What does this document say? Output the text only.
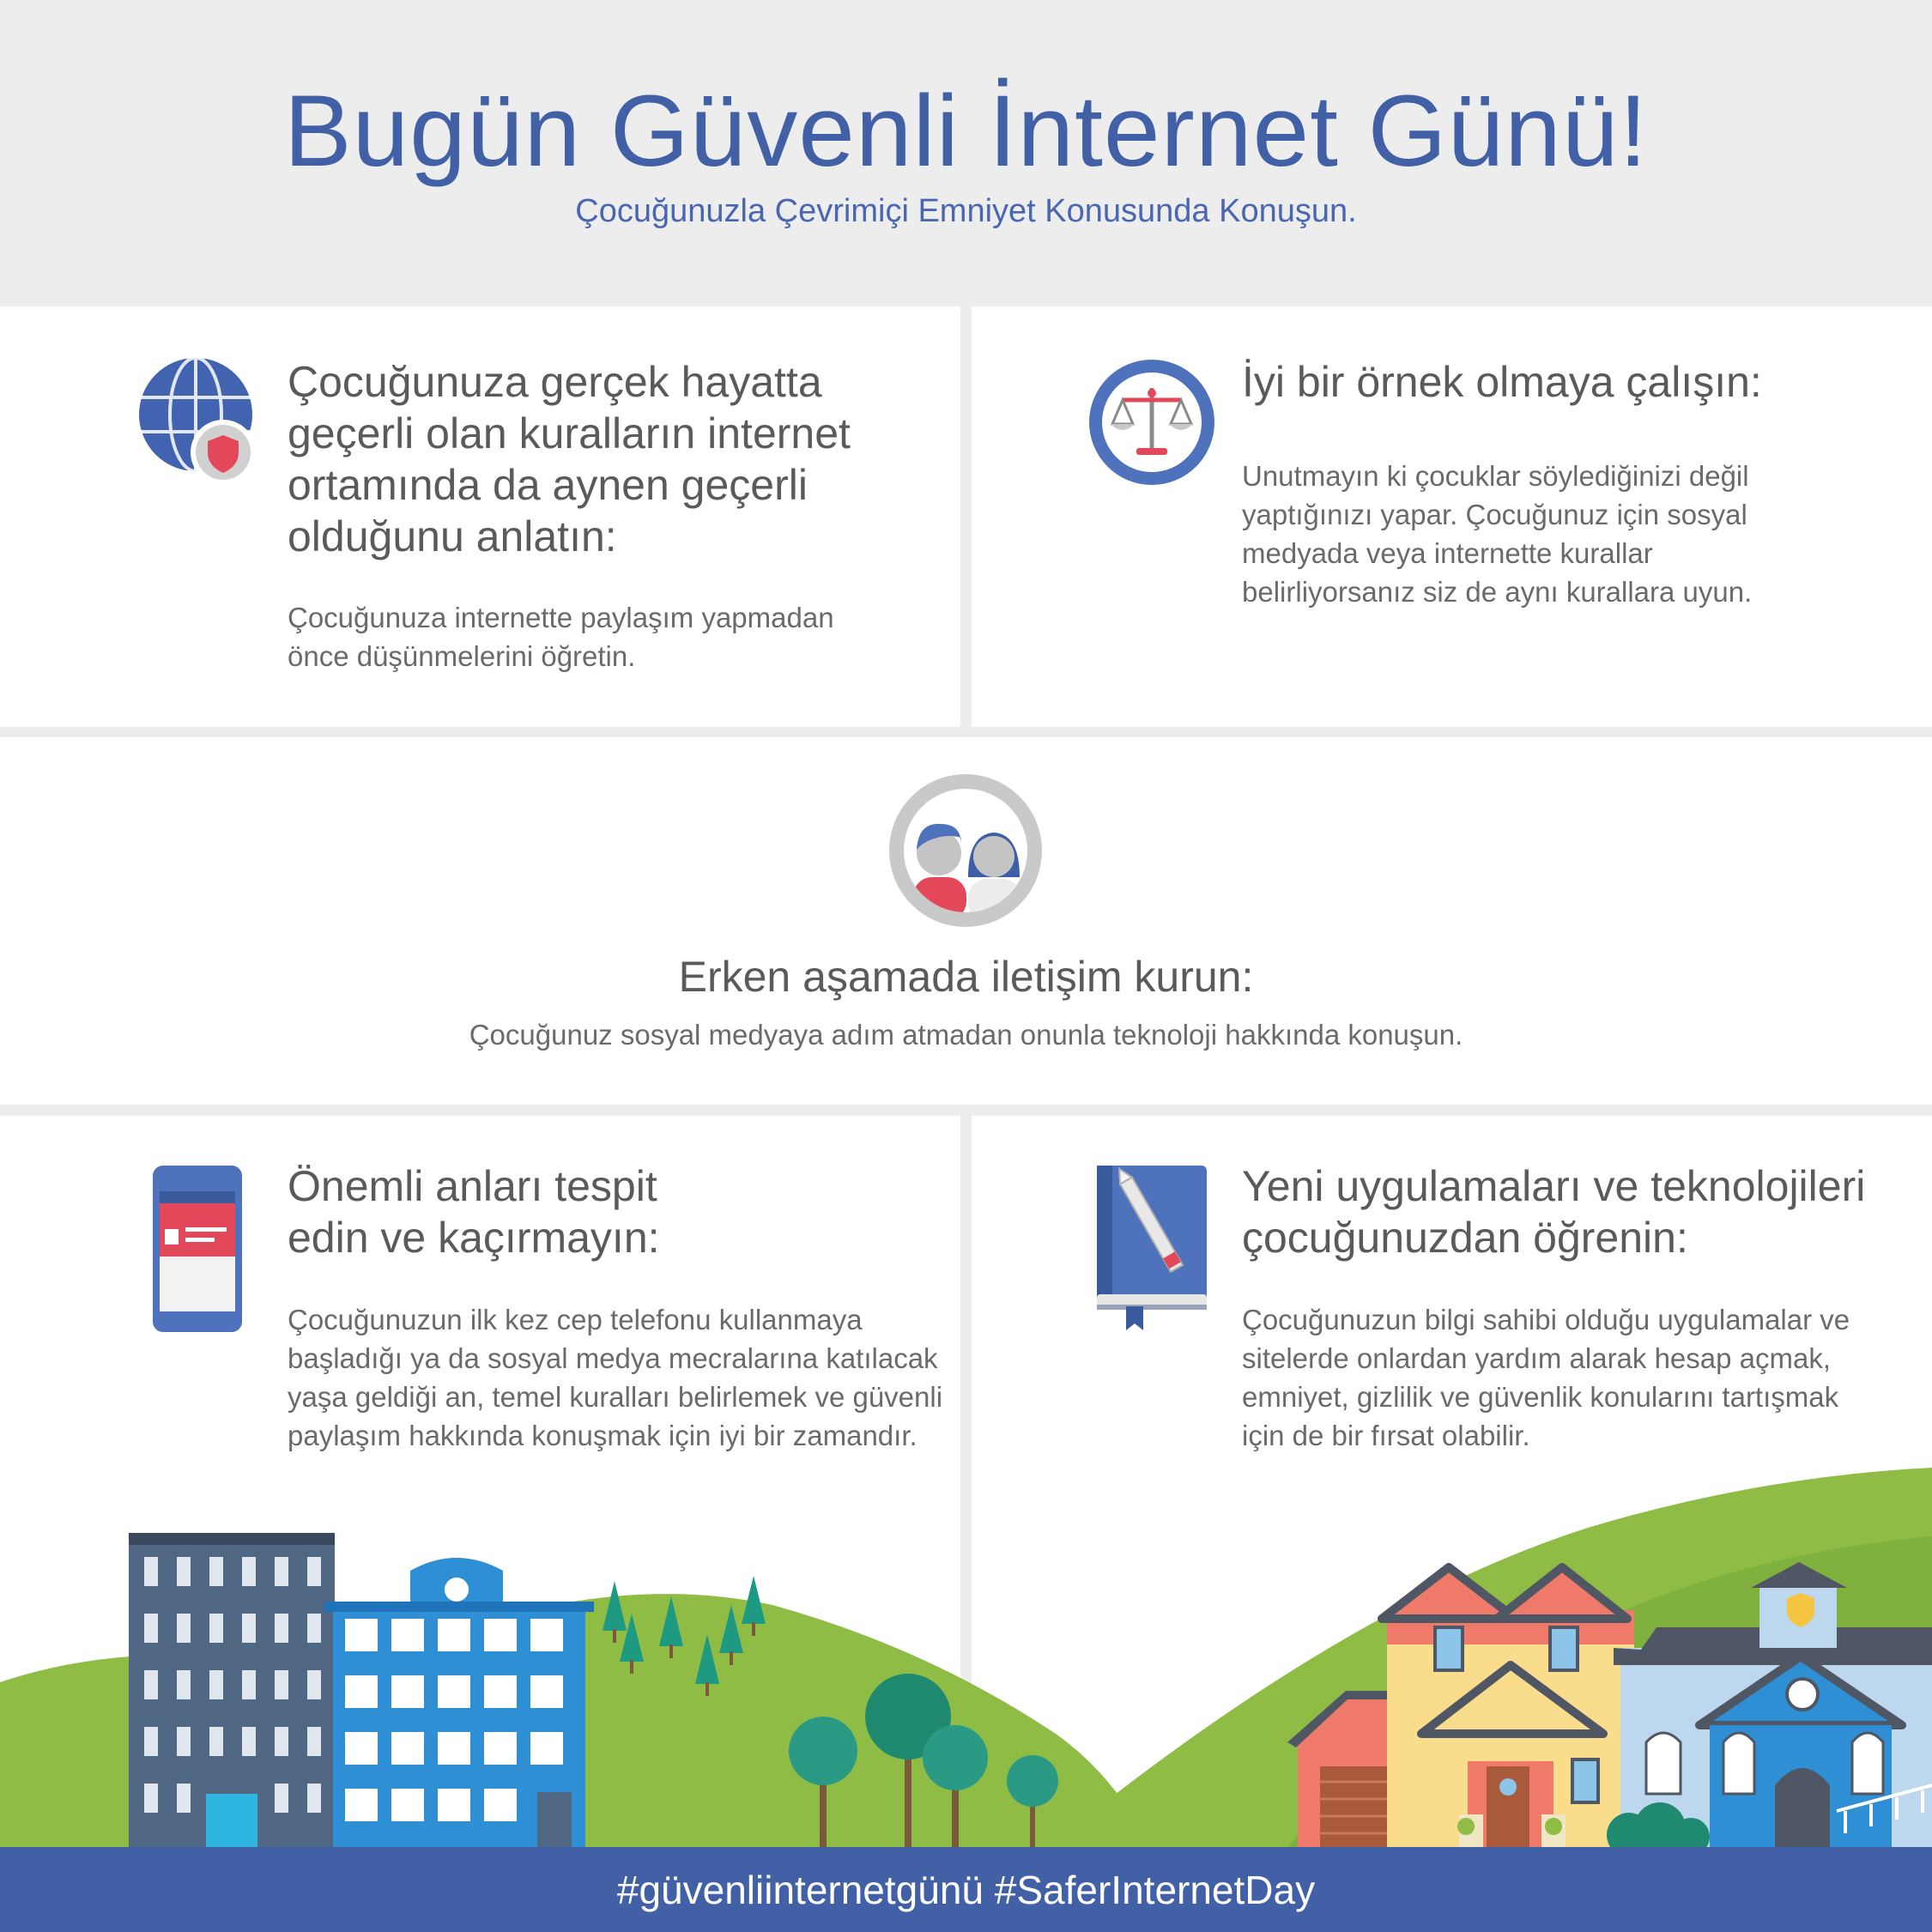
Bugün Güvenli İnternet Günü!
Çocuğunuzla Çevrimiçi Emniyet Konusunda Konuşun.
Çocuğunuza gerçek hayatta
geçerli olan kuralların internet
ortamında da aynen geçerli
olduğunu anlatın:
Çocuğunuza internette paylaşım yapmadan
önce düşünmelerini öğretin.
İyi bir örnek olmaya çalışın:
Unutmayın ki çocuklar söylediğinizi değil
yaptığınızı yapar. Çocuğunuz için sosyal
medyada veya internette kurallar
belirliyorsanız siz de aynı kurallara uyun.
Erken aşamada iletişim kurun:
Çocuğunuz sosyal medyaya adım atmadan onunla teknoloji hakkında konuşun.
Önemli anları tespit
edin ve kaçırmayın:
Çocuğunuzun ilk kez cep telefonu kullanmaya
başladığı ya da sosyal medya mecralarına katılacak
yaşa geldiği an, temel kuralları belirlemek ve güvenli
paylaşım hakkında konuşmak için iyi bir zamandır.
Yeni uygulamaları ve teknolojileri
çocuğunuzdan öğrenin:
Çocuğunuzun bilgi sahibi olduğu uygulamalar ve
sitelerde onlardan yardım alarak hesap açmak,
emniyet, gizlilik ve güvenlik konularını tartışmak
için de bir fırsat olabilir.
#güvenliinternetgünü #SaferInternetDay
